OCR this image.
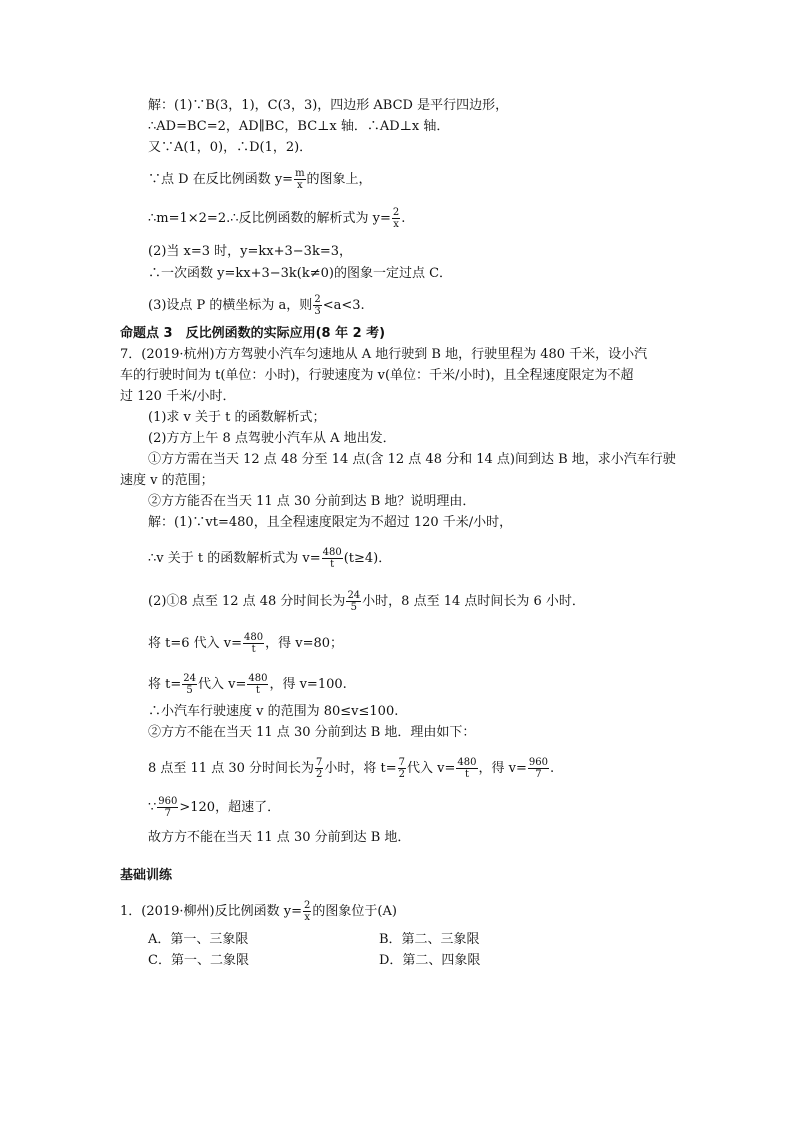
解：(1)∵B(3，1)，C(3，3)，四边形 ABCD 是平行四边形，
∴AD=BC=2，AD∥BC，BC⊥x 轴．∴AD⊥x 轴．
又∵A(1，0)，∴D(1，2)．
∵点 D 在反比例函数 $y= \frac{m}{x}$ 的图象上，
∴m=1×2=2.∴反比例函数的解析式为 $y= \frac{2}{x}$ .
(2)当 x=3 时，y=kx+3−3k=3，
∴一次函数 y=kx+3−3k(k≠0)的图象一定过点 C．
(3)设点 P 的横坐标为 a，则 $\frac{2}{3} <a<3$.
命题点 3　反比例函数的实际应用(8 年 2 考)
7．(2019·杭州)方方驾驶小汽车匀速地从 A 地行驶到 B 地，行驶里程为 480 千米，设小汽
车的行驶时间为 t(单位：小时)，行驶速度为 v(单位：千米/小时)，且全程速度限定为不超
过 120 千米/小时．
(1)求 v 关于 t 的函数解析式；
(2)方方上午 8 点驾驶小汽车从 A 地出发．
①方方需在当天 12 点 48 分至 14 点(含 12 点 48 分和 14 点)间到达 B 地，求小汽车行驶
速度 v 的范围；
②方方能否在当天 11 点 30 分前到达 B 地？说明理由．
解：(1)∵vt=480，且全程速度限定为不超过 120 千米/小时，
∴v 关于 t 的函数解析式为 $v= \frac{480}{t} (t\ge 4)$．
(2)①8 点至 12 点 48 分时间长为 $\frac{24}{5}$ 小时，8 点至 14 点时间长为 6 小时．
将 t=6 代入 $v= \frac{480}{t}$ ，得 v=80；
将 $t= \frac{24}{5}$ 代入 $v= \frac{480}{t}$ ，得 v=100.
∴小汽车行驶速度 v 的范围为 80≤v≤100.
②方方不能在当天 11 点 30 分前到达 B 地．理由如下：
8 点至 11 点 30 分时间长为 $\frac{7}{2}$ 小时，将 $t= \frac{7}{2}$ 代入 $v= \frac{480}{t}$ ，得 $v= \frac{960}{7}$ .
∵ $\frac{960}{7} >120$，超速了．
故方方不能在当天 11 点 30 分前到达 B 地．
基础训练
1．(2019·柳州)反比例函数 $y= \frac{2}{x}$ 的图象位于(A)
A．第一、三象限	B．第二、三象限
C．第一、二象限	D．第二、四象限
